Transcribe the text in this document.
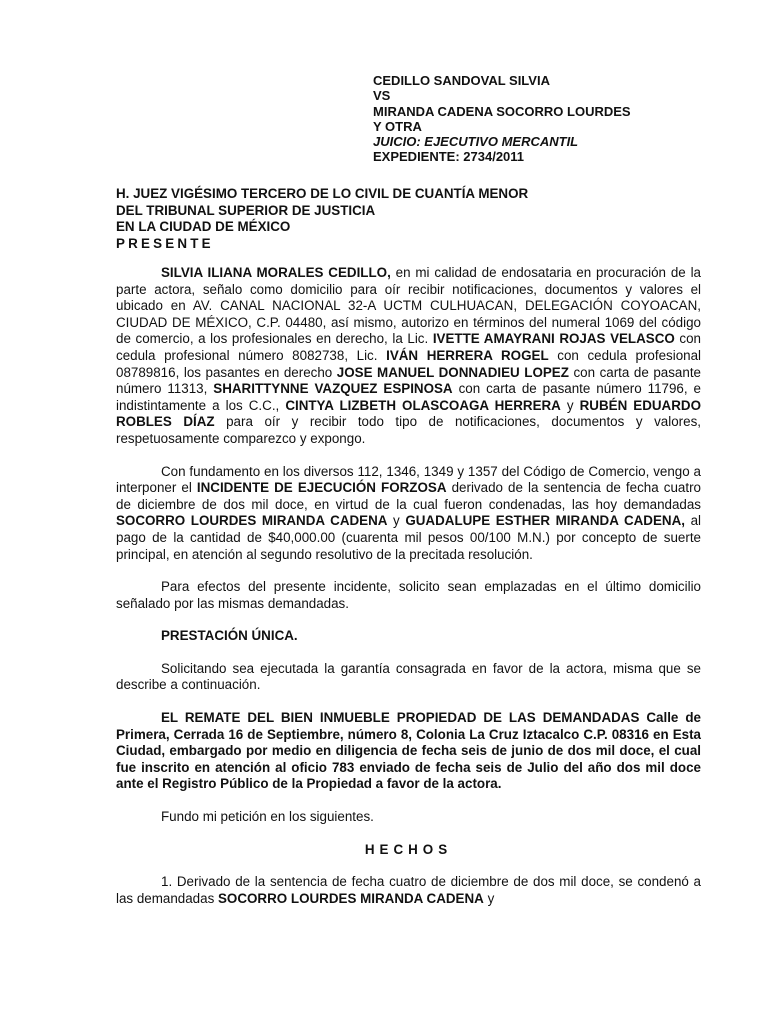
CEDILLO SANDOVAL SILVIA
VS
MIRANDA CADENA SOCORRO LOURDES
Y OTRA
JUICIO: EJECUTIVO MERCANTIL
EXPEDIENTE: 2734/2011
H. JUEZ VIGÉSIMO TERCERO DE LO CIVIL DE CUANTÍA MENOR
DEL TRIBUNAL SUPERIOR DE JUSTICIA
EN LA CIUDAD DE MÉXICO
PRESENTE

SILVIA ILIANA MORALES CEDILLO, en mi calidad de endosataria en procuración de la parte actora, señalo como domicilio para oír recibir notificaciones, documentos y valores el ubicado en AV. CANAL NACIONAL 32-A UCTM CULHUACAN, DELEGACIÓN COYOACAN, CIUDAD DE MÉXICO, C.P. 04480, así mismo, autorizo en términos del numeral 1069 del código de comercio, a los profesionales en derecho, la Lic. IVETTE AMAYRANI ROJAS VELASCO con cedula profesional número 8082738, Lic. IVÁN HERRERA ROGEL con cedula profesional 08789816, los pasantes en derecho JOSE MANUEL DONNADIEU LOPEZ con carta de pasante número 11313, SHARITTYNNE VAZQUEZ ESPINOSA con carta de pasante número 11796, e indistintamente a los C.C., CINTYA LIZBETH OLASCOAGA HERRERA y RUBÉN EDUARDO ROBLES DÍAZ para oír y recibir todo tipo de notificaciones, documentos y valores, respetuosamente comparezco y expongo.

Con fundamento en los diversos 112, 1346, 1349 y 1357 del Código de Comercio, vengo a interponer el INCIDENTE DE EJECUCIÓN FORZOSA derivado de la sentencia de fecha cuatro de diciembre de dos mil doce, en virtud de la cual fueron condenadas, las hoy demandadas SOCORRO LOURDES MIRANDA CADENA y GUADALUPE ESTHER MIRANDA CADENA, al pago de la cantidad de $40,000.00 (cuarenta mil pesos 00/100 M.N.) por concepto de suerte principal, en atención al segundo resolutivo de la precitada resolución.

Para efectos del presente incidente, solicito sean emplazadas en el último domicilio señalado por las mismas demandadas.

PRESTACIÓN ÚNICA.

Solicitando sea ejecutada la garantía consagrada en favor de la actora, misma que se describe a continuación.

EL REMATE DEL BIEN INMUEBLE PROPIEDAD DE LAS DEMANDADAS Calle de Primera, Cerrada 16 de Septiembre, número 8, Colonia La Cruz Iztacalco C.P. 08316 en Esta Ciudad, embargado por medio en diligencia de fecha seis de junio de dos mil doce, el cual fue inscrito en atención al oficio 783 enviado de fecha seis de Julio del año dos mil doce ante el Registro Público de la Propiedad a favor de la actora.

Fundo mi petición en los siguientes.

HECHOS

1. Derivado de la sentencia de fecha cuatro de diciembre de dos mil doce, se condenó a las demandadas SOCORRO LOURDES MIRANDA CADENA y
